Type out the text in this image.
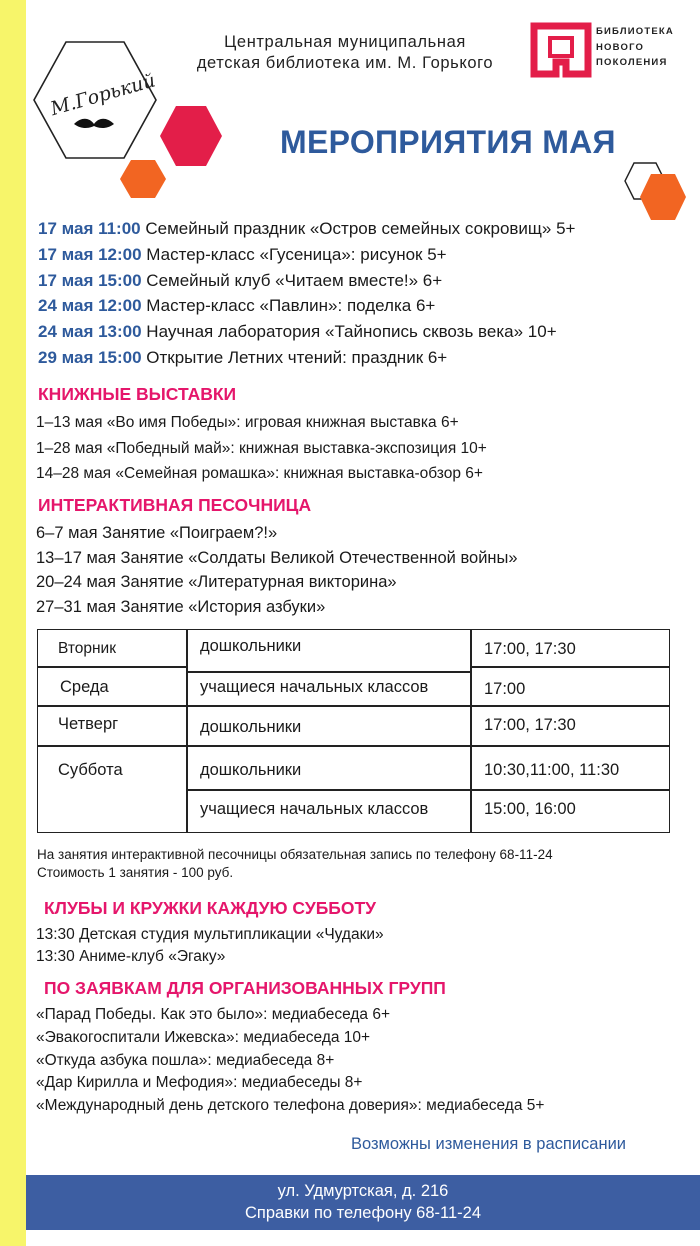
Центральная муниципальная
детская библиотека им. М. Горького
М.Горький
БИБЛИОТЕКА
НОВОГО
ПОКОЛЕНИЯ
МЕРОПРИЯТИЯ МАЯ
17 мая 11:00 Семейный праздник «Остров семейных сокровищ» 5+
17 мая 12:00 Мастер-класс «Гусеница»: рисунок 5+
17 мая 15:00 Семейный клуб «Читаем вместе!» 6+
24 мая 12:00 Мастер-класс «Павлин»: поделка 6+
24 мая 13:00 Научная лаборатория «Тайнопись сквозь века» 10+
29 мая 15:00 Открытие Летних чтений: праздник 6+
КНИЖНЫЕ ВЫСТАВКИ
1–13 мая «Во имя Победы»: игровая книжная выставка 6+
1–28 мая «Победный май»: книжная выставка-экспозиция 10+
14–28 мая «Семейная ромашка»: книжная выставка-обзор 6+
ИНТЕРАКТИВНАЯ ПЕСОЧНИЦА
6–7 мая Занятие «Поиграем?!»
13–17 мая Занятие «Солдаты Великой Отечественной войны»
20–24 мая Занятие «Литературная викторина»
27–31 мая Занятие «История азбуки»
Вторник	дошкольники	17:00, 17:30
Среда	учащиеся начальных классов	17:00
Четверг	дошкольники	17:00, 17:30
Суббота	дошкольники	10:30,11:00, 11:30
учащиеся начальных классов	15:00, 16:00
На занятия интерактивной песочницы обязательная запись по телефону 68-11-24
Стоимость 1 занятия - 100 руб.
КЛУБЫ И КРУЖКИ КАЖДУЮ СУББОТУ
13:30 Детская студия мультипликации «Чудаки»
13:30 Аниме-клуб «Эгаку»
ПО ЗАЯВКАМ ДЛЯ ОРГАНИЗОВАННЫХ ГРУПП
«Парад Победы. Как это было»: медиабеседа 6+
«Эвакогоспитали Ижевска»: медиабеседа 10+
«Откуда азбука пошла»: медиабеседа 8+
«Дар Кирилла и Мефодия»: медиабеседы 8+
«Международный день детского телефона доверия»: медиабеседа 5+
Возможны изменения в расписании
ул. Удмуртская, д. 216
Справки по телефону 68-11-24
